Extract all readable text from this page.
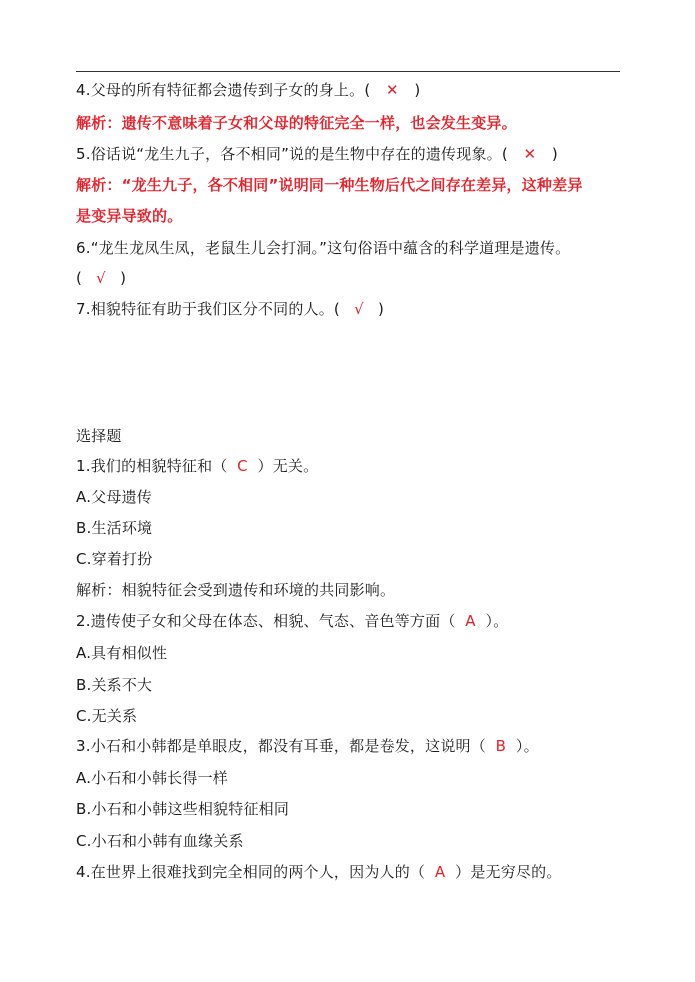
4.父母的所有特征都会遗传到子女的身上。( ✕ )
解析：遗传不意味着子女和父母的特征完全一样，也会发生变异。
5.俗话说“龙生九子，各不相同”说的是生物中存在的遗传现象。( ✕ )
解析：“龙生九子，各不相同”说明同一种生物后代之间存在差异，这种差异
是变异导致的。
6.“龙生龙凤生凤，老鼠生儿会打洞。”这句俗语中蕴含的科学道理是遗传。
( √ )
7.相貌特征有助于我们区分不同的人。( √ )
选择题
1.我们的相貌特征和（ C ）无关。
A.父母遗传
B.生活环境
C.穿着打扮
解析：相貌特征会受到遗传和环境的共同影响。
2.遗传使子女和父母在体态、相貌、气态、音色等方面（ A ）。
A.具有相似性
B.关系不大
C.无关系
3.小石和小韩都是单眼皮，都没有耳垂，都是卷发，这说明（ B ）。
A.小石和小韩长得一样
B.小石和小韩这些相貌特征相同
C.小石和小韩有血缘关系
4.在世界上很难找到完全相同的两个人，因为人的（ A ）是无穷尽的。
